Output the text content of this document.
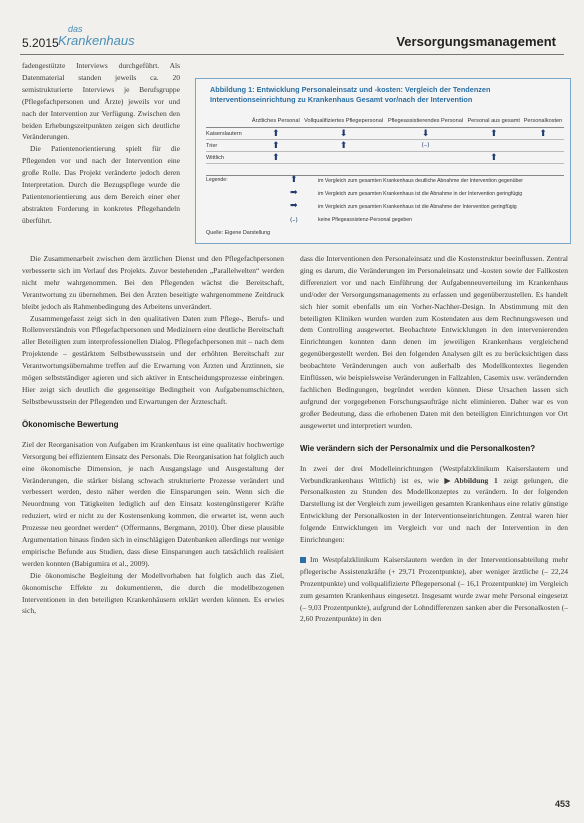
5.2015
das
Krankenhaus	Versorgungsmanagement

fadengestützte Interviews durchgeführt. Als Datenmaterial standen jeweils ca. 20 semistrukturierte Interviews je Berufsgruppe (Pflegefachpersonen und Ärzte) jeweils vor und nach der Intervention zur Verfügung. Zwischen den beiden Erhebungszeitpunkten zeigen sich deutliche Veränderungen.

Die Patientenorientierung spielt für die Pflegenden vor und nach der Intervention eine große Rolle. Das Projekt veränderte jedoch deren Interpretation. Durch die Bezugspflege wurde die Patientenorientierung aus dem Bereich einer eher abstrakten Forderung in konkretes Pflegehandeln überführt.

Abbildung 1: Entwicklung Personaleinsatz und -kosten: Vergleich der Tendenzen Interventionseinrichtung zu Krankenhaus Gesamt vor/nach der Intervention
	Ärztliches Personal	Vollqualifiziertes Pflegepersonal	Pflegeassistierendes Personal	Personal aus gesamt	Personalkosten
Kaiserslautern	⬆	⬇	⬇	⬆	⬆
Trier	⬆	⬆	(–)		
Wittlich	⬆			⬆	
Legende:	⬆	im Vergleich zum gesamten Krankenhaus deutliche Abnahme der Intervention gegenüber
➡	im Vergleich zum gesamten Krankenhaus ist die Abnahme in der Intervention geringfügig
➡	im Vergleich zum gesamten Krankenhaus ist die Abnahme der Intervention geringfügig
(–)	keine Pflegeassistenz-Personal gegeben
Quelle: Eigene Darstellung

Die Zusammenarbeit zwischen dem ärztlichen Dienst und den Pflegefachpersonen verbesserte sich im Verlauf des Projekts. Zuvor bestehenden „Parallelwelten“ werden nicht mehr wahrgenommen. Bei den Pflegenden wächst die Bereitschaft, Verantwortung zu übernehmen. Bei den Ärzten beseitigte wahrgenommene Zeitdruck bleibt jedoch als Rahmenbedingung des Arbeitens unverändert.

Zusammengefasst zeigt sich in den qualitativen Daten zum Pflege-, Berufs- und Rollenverständnis von Pflegefachpersonen und Medizinern eine deutliche Bereitschaft aller Beteiligten zum interprofessionellen Dialog. Pflegefachpersonen mit – nach dem Projektende – gestärktem Selbstbewusstsein und der erhöhten Bereitschaft zur Verantwortungsübernahme treffen auf die Erwartung von Ärzten und Ärztinnen, sie mögen selbstständiger agieren und sich aktiver in Entscheidungsprozesse einbringen. Hier zeigt sich deutlich die gegenseitige Bedingtheit von Aufgabenumschichten, Selbstbewusstsein der Pflegenden und Erwartungen der Ärzteschaft.

Ökonomische Bewertung

Ziel der Reorganisation von Aufgaben im Krankenhaus ist eine qualitativ hochwertige Versorgung bei effizientem Einsatz des Personals. Die Reorganisation hat folglich auch eine ökonomische Dimension, je nach Ausgangslage und Ausgestaltung der Veränderungen, die stärker bislang schwach strukturierte Prozesse verändert und verbessert werden, desto näher werden die Einsparungen sein. Wenn sich die Neuordnung von Tätigkeiten lediglich auf den Einsatz kostengünstigerer Kräfte reduziert, wird er nicht zu der Kostensenkung kommen, die erwartet ist, wenn auch Prozesse neu geordnet werden“ (Offermanns, Bergmann, 2010). Über diese plausible Argumentation hinaus finden sich in einschlägigen Datenbanken allerdings nur wenige empirische Befunde aus Studien, dass diese Einsparungen auch tatsächlich realisiert werden konnten (Babigumira et al., 2009).

Die ökonomische Begleitung der Modellvorhaben hat folglich auch das Ziel, ökonomische Effekte zu dokumentieren, die durch die modellbezogenen Interventionen in den beteiligten Krankenhäusern erklärt werden können. Es erwies sich,

dass die Interventionen den Personaleinsatz und die Kostenstruktur beeinflussen. Zentral ging es darum, die Veränderungen im Personaleinsatz und -kosten sowie der Fallkosten differenziert vor und nach Einführung der Aufgabenneuverteilung im Krankenhaus und/oder der Versorgungsmanagements zu erfassen und gegenüberzustellen. Es handelt sich hier somit ebenfalls um ein Vorher-Nachher-Design. In Abstimmung mit den beteiligten Kliniken wurden wurden zum Kostendaten aus dem Rechnungswesen und dem Controlling ausgewertet. Beobachtete Entwicklungen in den intervenierenden Einrichtungen konnten dann denen im jeweiligen Krankenhaus vergleichend gegenübergestellt werden. Bei den folgenden Analysen gilt es zu berücksichtigen dass beobachtete Veränderungen auch von außerhalb des Modellkontextes liegenden Einflüssen, wie beispielsweise Veränderungen in Fallzahlen, Casemix usw. verändernden fachlichen Bedingungen, begründet werden können. Diese Ursachen lassen sich aufgrund der vorgegebenen Forschungsaufträge nicht eliminieren. Daher war es von großer Bedeutung, dass die erhobenen Daten mit den beteiligten Einrichtungen vor Ort ausgewertet und interpretiert wurden.

Wie verändern sich der Personalmix und die Personalkosten?

In zwei der drei Modelleinrichtungen (Westpfalzklinikum Kaiserslautern und Verbundkrankenhaus Wittlich) ist es, wie ▶Abbildung 1 zeigt gelungen, die Personalkosten zu Stunden des Modellkonzeptes zu verändern. In der folgenden Darstellung ist der Vergleich zum jeweiligen gesamten Krankenhaus eine relativ günstige Entwicklung der Personalkosten in der Interventionseinrichtungen. Zentral waren hier folgende Entwicklungen im Vergleich vor und nach der Intervention in den Einrichtungen:

Im Westpfalzklinikum Kaiserslautern werden in der Interventionsabteilung mehr pflegerische Assistenzkräfte (+ 29,71 Prozentpunkte), aber weniger ärztliche (– 22,24 Prozentpunkte) und vollqualifizierte Pflegepersonal (– 16,1 Prozentpunkte) im Vergleich zum gesamten Krankenhaus eingesetzt. Insgesamt wurde zwar mehr Personal eingesetzt (– 9,03 Prozentpunkte), aufgrund der Lohndifferenzen sanken aber die Personalkosten (– 2,60 Prozentpunkte) in den

453
